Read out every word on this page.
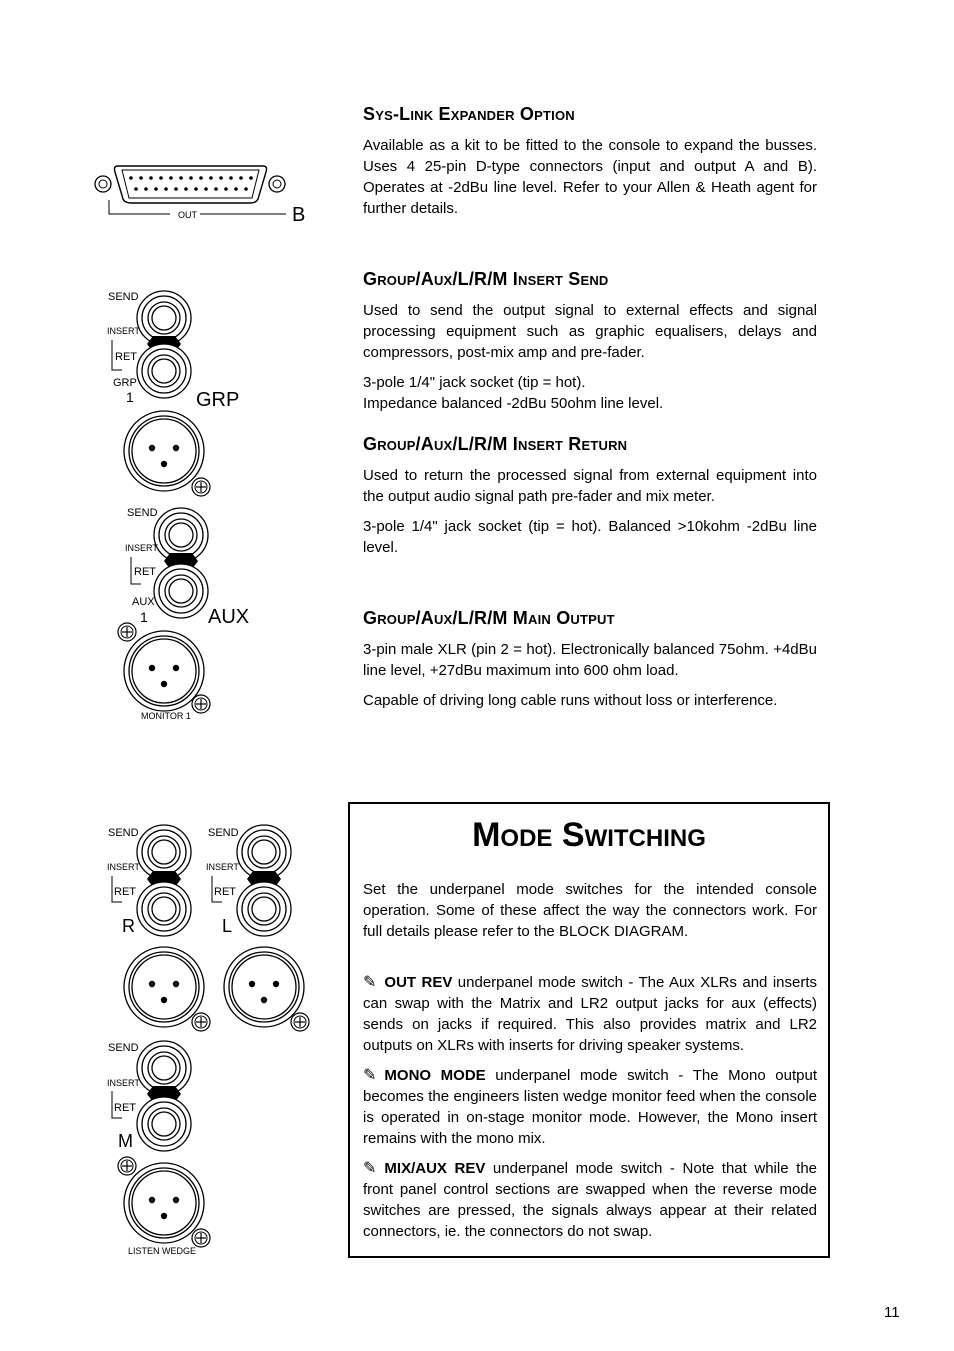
OUT	B
SEND
INSERT
RET
GRP
1	GRP
SEND
INSERT
RET
AUX
1	AUX
MONITOR 1
SEND
INSERT
RET
R
SEND
INSERT
RET
L
SEND
INSERT
RET
M
LISTEN WEDGE
Sys-Link Expander Option

Available as a kit to be fitted to the console to expand the busses. Uses 4 25-pin D-type connectors (input and output A and B). Operates at -2dBu line level. Refer to your Allen & Heath agent for further details.

Group/Aux/L/R/M Insert Send

Used to send the output signal to external effects and signal processing equipment such as graphic equalisers, delays and compressors, post-mix amp and pre-fader.

3-pole 1/4" jack socket (tip = hot).

Impedance balanced -2dBu 50ohm line level.

Group/Aux/L/R/M Insert Return

Used to return the processed signal from external equipment into the output audio signal path pre-fader and mix meter.

3-pole 1/4" jack socket (tip = hot). Balanced >10kohm -2dBu line level.

Group/Aux/L/R/M Main Output

3-pin male XLR (pin 2 = hot). Electronically balanced 75ohm. +4dBu line level, +27dBu maximum into 600 ohm load.

Capable of driving long cable runs without loss or interference.

Mode Switching

Set the underpanel mode switches for the intended console operation. Some of these affect the way the connectors work. For full details please refer to the BLOCK DIAGRAM.

✎ OUT REV underpanel mode switch - The Aux XLRs and inserts can swap with the Matrix and LR2 output jacks for aux (effects) sends on jacks if required. This also provides matrix and LR2 outputs on XLRs with inserts for driving speaker systems.

✎ MONO MODE underpanel mode switch - The Mono output becomes the engineers listen wedge monitor feed when the console is operated in on-stage monitor mode. However, the Mono insert remains with the mono mix.

✎ MIX/AUX REV underpanel mode switch - Note that while the front panel control sections are swapped when the reverse mode switches are pressed, the signals always appear at their related connectors, ie. the connectors do not swap.

11
